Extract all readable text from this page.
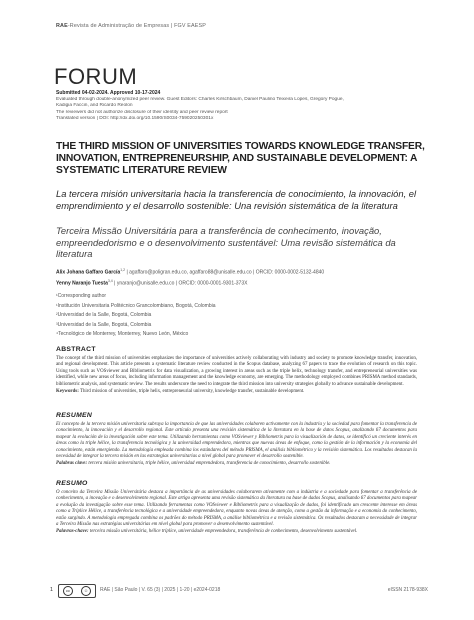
RAE-Revista de Administração de Empresas | FGV EAESP
FORUM
Submitted 04-02-2024. Approved 10-17-2024
Evaluated through double-anonymized peer review. Guest Editors: Charles Kirschbaum, Daniel Paulino Teixeira Lopes, Gregory Pogue,
Kadigia Faccin, and Ricardo Reolon
The reviewers did not authorize disclosure of their identity and peer review report
Translated version | DOI: http://dx.doi.org/10.1590/S0034-759020250301x
THE THIRD MISSION OF UNIVERSITIES TOWARDS KNOWLEDGE TRANSFER, INNOVATION, ENTREPRENEURSHIP, AND SUSTAINABLE DEVELOPMENT: A SYSTEMATIC LITERATURE REVIEW
La tercera misión universitaria hacia la transferencia de conocimiento, la innovación, el emprendimiento y el desarrollo sostenible: Una revisión sistemática de la literatura
Terceira Missão Universitária para a transferência de conhecimento, inovação, empreendedorismo e o desenvolvimento sustentável: Uma revisão sistemática da literatura
Alix Johana Gaffaro García$^{1,2}$ | agaffaro@poligran.edu.co, agaffaro88@unisalle.edu.co | ORCID: 0000-0002-5132-4840
Yenny Naranjo Tuesta$^{3,4}$ | ynaranjo@unisalle.edu.co | ORCID: 0000-0001-9301-373X
¹Corresponding author
¹Institución Universitaria Politécnico Grancolombiano, Bogotá, Colombia
²Universidad de la Salle, Bogotá, Colombia
³Universidad de la Salle, Bogotá, Colombia
⁴Tecnológico de Monterrey, Monterrey, Nuevo León, México
ABSTRACT

The concept of the third mission of universities emphasizes the importance of universities actively collaborating with industry and society to promote knowledge transfer, innovation, and regional development. This article presents a systematic literature review conducted in the Scopus database, analyzing 67 papers to trace the evolution of research on this topic. Using tools such as VOSviewer and Bibliometrix for data visualization, a growing interest in areas such as the triple helix, technology transfer, and entrepreneurial universities was identified, while new areas of focus, including information management and the knowledge economy, are emerging. The methodology employed combines PRISMA method standards, bibliometric analysis, and systematic review. The results underscore the need to integrate the third mission into university strategies globally to advance sustainable development.

Keywords: Third mission of universities, triple helix, entrepreneurial university, knowledge transfer, sustainable development.

RESUMEN

El concepto de la tercera misión universitaria subraya la importancia de que las universidades colaboren activamente con la industria y la sociedad para fomentar la transferencia de conocimiento, la innovación y el desarrollo regional. Este artículo presenta una revisión sistemática de la literatura en la base de datos Scopus, analizando 67 documentos para mapear la evolución de la investigación sobre este tema. Utilizando herramientas como VOSviewer y Bibliometrix para la visualización de datos, se identificó un creciente interés en áreas como la triple hélice, la transferencia tecnológica y la universidad emprendedora, mientras que nuevas áreas de enfoque, como la gestión de la información y la economía del conocimiento, están emergiendo. La metodología empleada combina los estándares del método PRISMA, el análisis bibliométrico y la revisión sistemática. Los resultados destacan la necesidad de integrar la tercera misión en las estrategias universitarias a nivel global para promover el desarrollo sostenible.

Palabras clave: tercera misión universitaria, triple hélice, universidad emprendedora, transferencia de conocimiento, desarrollo sostenible.

RESUMO

O conceito da Terceira Missão Universitária destaca a importância de as universidades colaborarem ativamente com a indústria e a sociedade para fomentar a transferência de conhecimento, a inovação e o desenvolvimento regional. Este artigo apresenta uma revisão sistemática da literatura na base de dados Scopus, analisando 67 documentos para mapear a evolução da investigação sobre esse tema. Utilizando ferramentas como VOSviewer e Bibliometrix para a visualização de dados, foi identificado um crescente interesse em áreas como a Tríplice Hélice, a transferência tecnológica e a universidade empreendedora, enquanto novas áreas de atenção, como a gestão da informação e a economia do conhecimento, estão surgindo. A metodologia empregada combina os padrões do método PRISMA, a análise bibliométrica e a revisão sistemática. Os resultados destacam a necessidade de integrar a Terceira Missão nas estratégias universitárias em nível global para promover o desenvolvimento sustentável.

Palavras-chave: terceira missão universitária, hélice tríplice, universidade empreendedora, transferência de conhecimento, desenvolvimento sustentável.

1	cc	☺	RAE | São Paulo | V. 65 (3) | 2025 | 1-20 | e2024-0218	eISSN 2178-938X
